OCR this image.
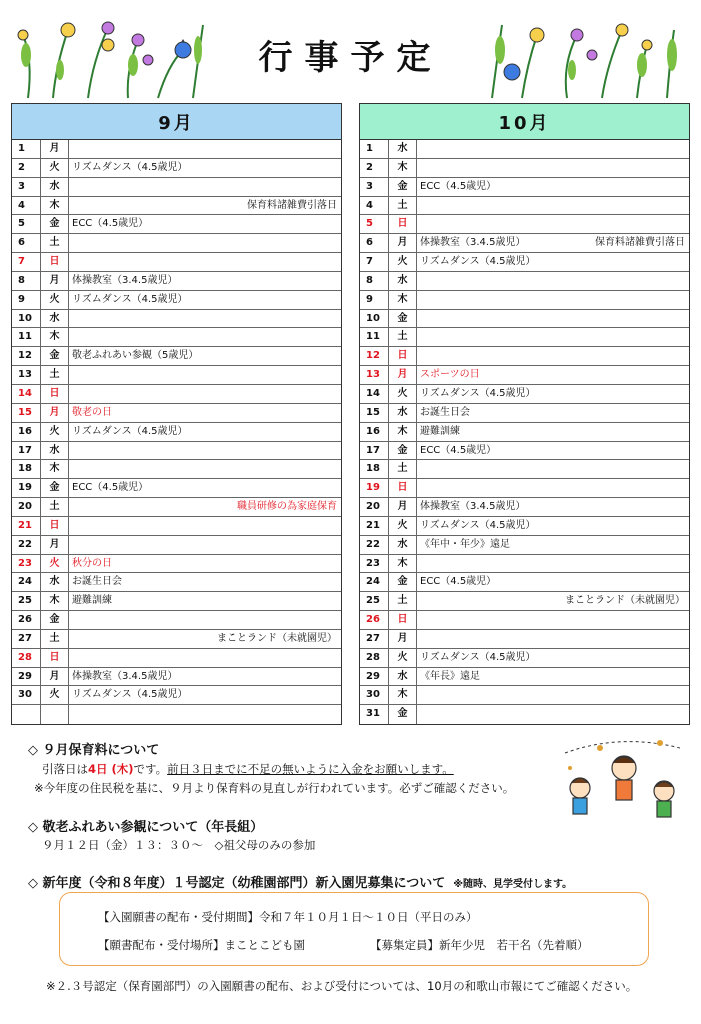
行事予定
9月
1	月
2	火	リズムダンス（4.5歳児）
3	水
4	木	保育料諸雑費引落日
5	金	ECC（4.5歳児）
6	土
7	日
8	月	体操教室（3.4.5歳児）
9	火	リズムダンス（4.5歳児）
10	水
11	木
12	金	敬老ふれあい参観（5歳児）
13	土
14	日
15	月	敬老の日
16	火	リズムダンス（4.5歳児）
17	水
18	木
19	金	ECC（4.5歳児）
20	土	職員研修の為家庭保育
21	日
22	月
23	火	秋分の日
24	水	お誕生日会
25	木	避難訓練
26	金
27	土	まことランド（未就園児）
28	日
29	月	体操教室（3.4.5歳児）
30	火	リズムダンス（4.5歳児）
10月
1	水
2	木
3	金	ECC（4.5歳児）
4	土
5	日
6	月	体操教室（3.4.5歳児）	保育料諸雑費引落日
7	火	リズムダンス（4.5歳児）
8	水
9	木
10	金
11	土
12	日
13	月	スポーツの日
14	火	リズムダンス（4.5歳児）
15	水	お誕生日会
16	木	避難訓練
17	金	ECC（4.5歳児）
18	土
19	日
20	月	体操教室（3.4.5歳児）
21	火	リズムダンス（4.5歳児）
22	水	《年中・年少》遠足
23	木
24	金	ECC（4.5歳児）
25	土	まことランド（未就園児）
26	日
27	月
28	火	リズムダンス（4.5歳児）
29	水	《年長》遠足
30	木
31	金
◇ ９月保育料について
引落日は4日 (木)です。前日３日までに不足の無いように入金をお願いします。
※今年度の住民税を基に、９月より保育料の見直しが行われています。必ずご確認ください。
◇ 敬老ふれあい参観について（年長組）
９月１２日（金）１３：３０～　◇祖父母のみの参加
◇ 新年度（令和８年度）１号認定（幼稚園部門）新入園児募集について ※随時、見学受付します。
【入園願書の配布・受付期間】令和７年１０月１日～１０日（平日のみ）
【願書配布・受付場所】まことこども園	【募集定員】新年少児　若干名（先着順）
※２.３号認定（保育園部門）の入園願書の配布、および受付については、10月の和歌山市報にてご確認ください。
